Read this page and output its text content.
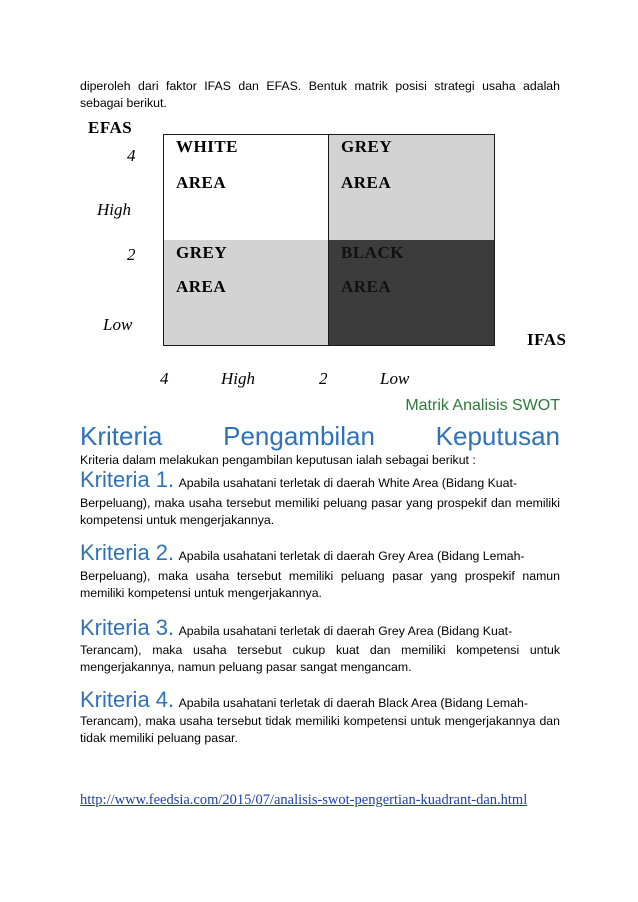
diperoleh dari faktor IFAS dan EFAS. Bentuk matrik posisi strategi usaha adalah sebagai berikut.

EFAS
4
High
2
Low
WHITE
AREA
GREY
AREA
GREY
AREA
BLACK
AREA
IFAS
4	High	2	Low
Matrik Analisis SWOT
Kriteria Pengambilan Keputusan

Kriteria dalam melakukan pengambilan keputusan ialah sebagai berikut :

Kriteria 1. Apabila usahatani terletak di daerah White Area (Bidang Kuat-

Berpeluang), maka usaha tersebut memiliki peluang pasar yang prospekif dan memiliki kompetensi untuk mengerjakannya.

Kriteria 2. Apabila usahatani terletak di daerah Grey Area (Bidang Lemah-

Berpeluang), maka usaha tersebut memiliki peluang pasar yang prospekif namun memiliki kompetensi untuk mengerjakannya.

Kriteria 3. Apabila usahatani terletak di daerah Grey Area (Bidang Kuat-

Terancam), maka usaha tersebut cukup kuat dan memiliki kompetensi untuk mengerjakannya, namun peluang pasar sangat mengancam.

Kriteria 4. Apabila usahatani terletak di daerah Black Area (Bidang Lemah-

Terancam), maka usaha tersebut tidak memiliki kompetensi untuk mengerjakannya dan tidak memiliki peluang pasar.

http://www.feedsia.com/2015/07/analisis-swot-pengertian-kuadrant-dan.html
